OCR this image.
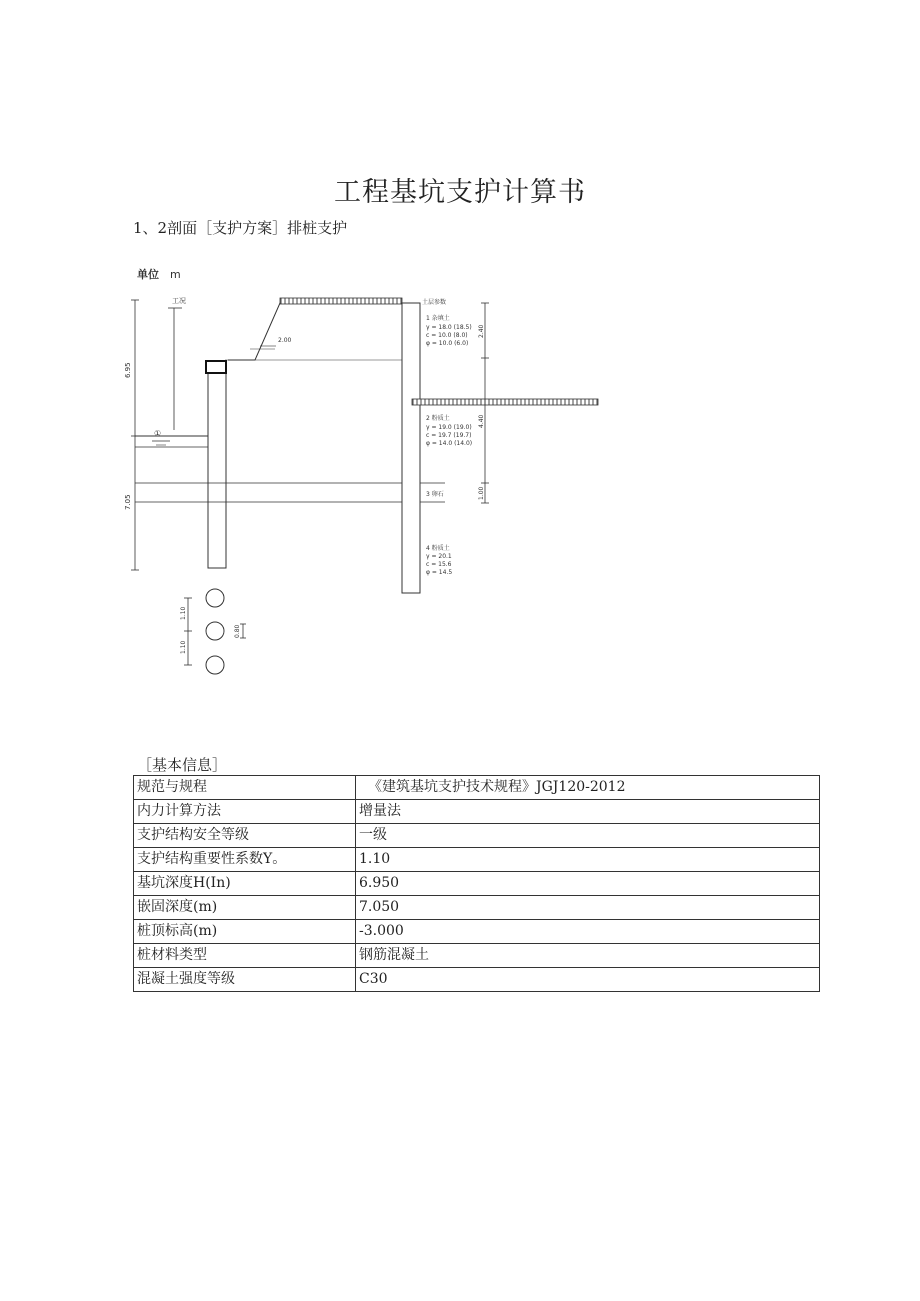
工程基坑支护计算书
1、2剖面［支护方案］排桩支护
单位 m
6.95
7.05
工况
①
2.00
土层参数
3 卵石
1 杂填土
γ = 18.0 (18.5)
c = 10.0 (8.0)
φ = 10.0 (6.0)
2 粉质土
γ = 19.0 (19.0)
c = 19.7 (19.7)
φ = 14.0 (14.0)
4 粉质土
γ = 20.1
c = 15.6
φ = 14.5
2.40
4.40
1.00
1.10
1.10
0.80
［基本信息］
规范与规程	《建筑基坑支护技术规程》JGJ120-2012
内力计算方法	增量法
支护结构安全等级	一级
支护结构重要性系数Y。	1.10
基坑深度H(In)	6.950
嵌固深度(m)	7.050
桩顶标高(m)	-3.000
桩材料类型	钢筋混凝土
混凝土强度等级	C30
